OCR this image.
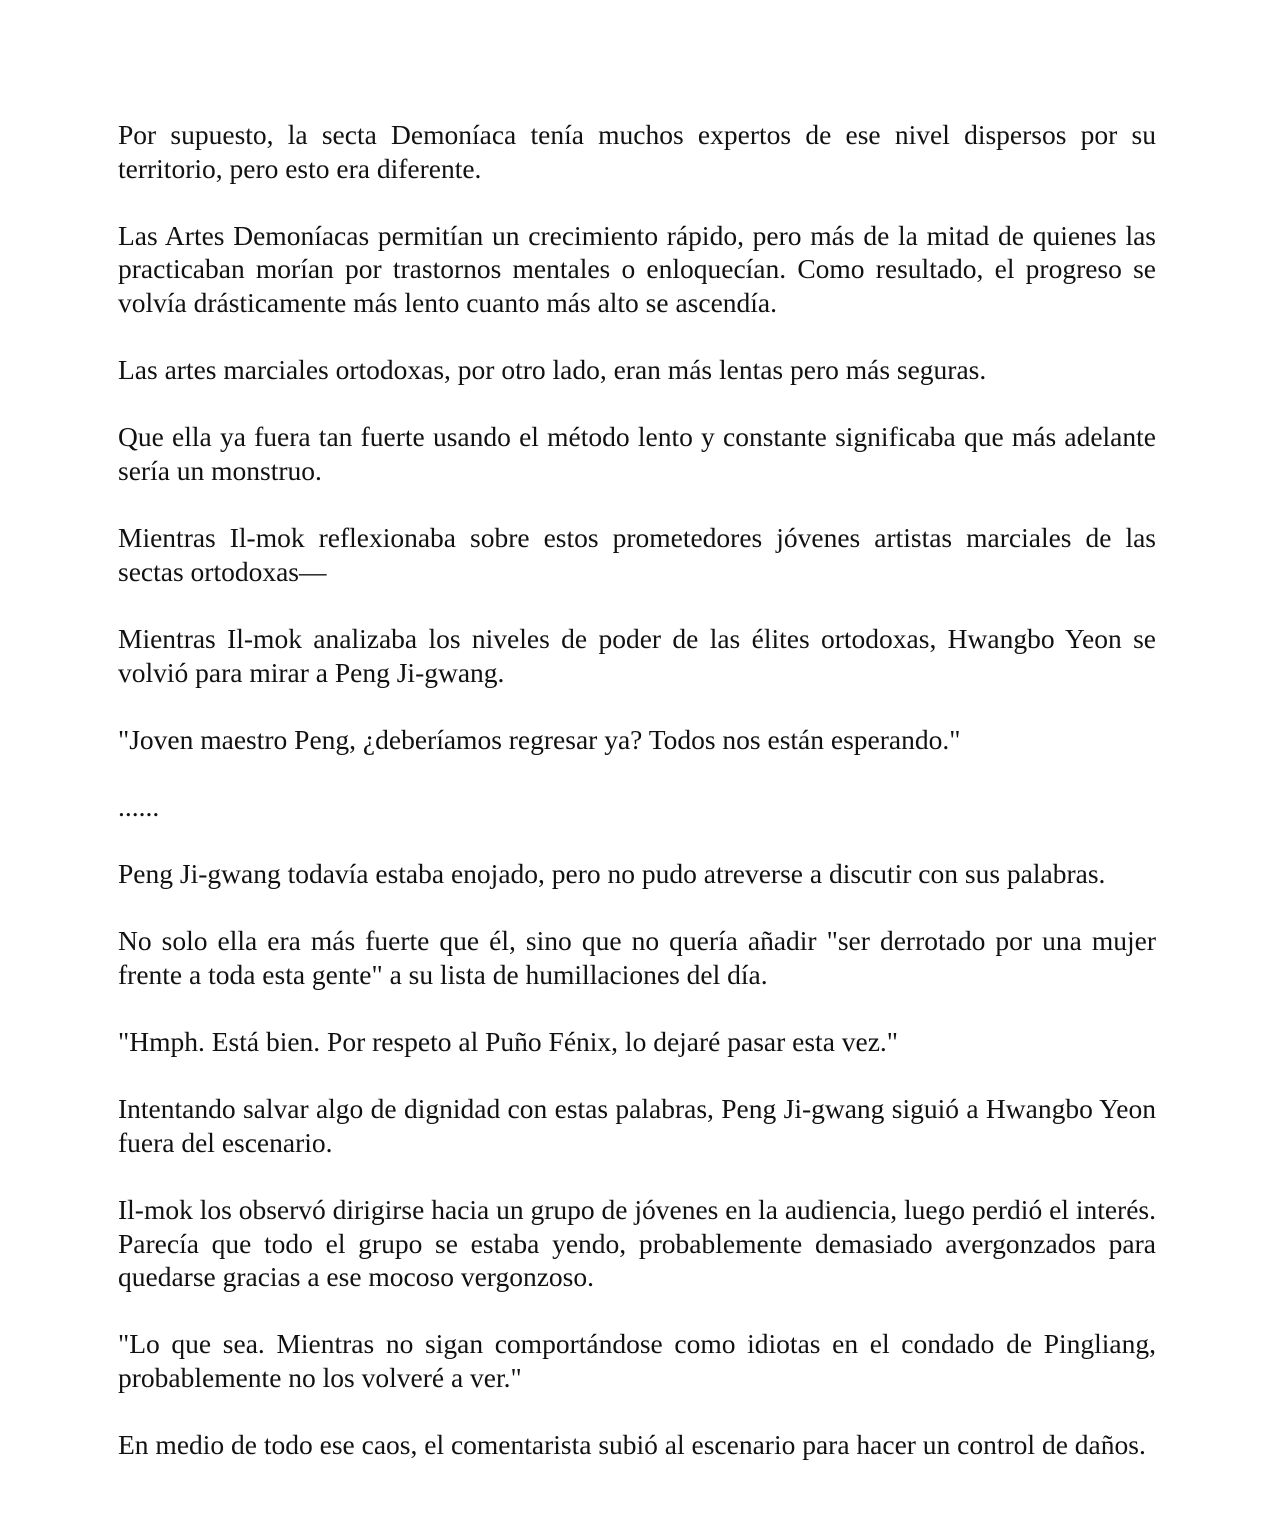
Por supuesto, la secta Demoníaca tenía muchos expertos de ese nivel dispersos por su territorio, pero esto era diferente.

Las Artes Demoníacas permitían un crecimiento rápido, pero más de la mitad de quienes las practicaban morían por trastornos mentales o enloquecían. Como resultado, el progreso se volvía drásticamente más lento cuanto más alto se ascendía.

Las artes marciales ortodoxas, por otro lado, eran más lentas pero más seguras.

Que ella ya fuera tan fuerte usando el método lento y constante significaba que más adelante sería un monstruo.

Mientras Il-mok reflexionaba sobre estos prometedores jóvenes artistas marciales de las sectas ortodoxas—

Mientras Il-mok analizaba los niveles de poder de las élites ortodoxas, Hwangbo Yeon se volvió para mirar a Peng Ji-gwang.

"Joven maestro Peng, ¿deberíamos regresar ya? Todos nos están esperando."

......

Peng Ji-gwang todavía estaba enojado, pero no pudo atreverse a discutir con sus palabras.

No solo ella era más fuerte que él, sino que no quería añadir "ser derrotado por una mujer frente a toda esta gente" a su lista de humillaciones del día.

"Hmph. Está bien. Por respeto al Puño Fénix, lo dejaré pasar esta vez."

Intentando salvar algo de dignidad con estas palabras, Peng Ji-gwang siguió a Hwangbo Yeon fuera del escenario.

Il-mok los observó dirigirse hacia un grupo de jóvenes en la audiencia, luego perdió el interés. Parecía que todo el grupo se estaba yendo, probablemente demasiado avergonzados para quedarse gracias a ese mocoso vergonzoso.

"Lo que sea. Mientras no sigan comportándose como idiotas en el condado de Pingliang, probablemente no los volveré a ver."

En medio de todo ese caos, el comentarista subió al escenario para hacer un control de daños.
